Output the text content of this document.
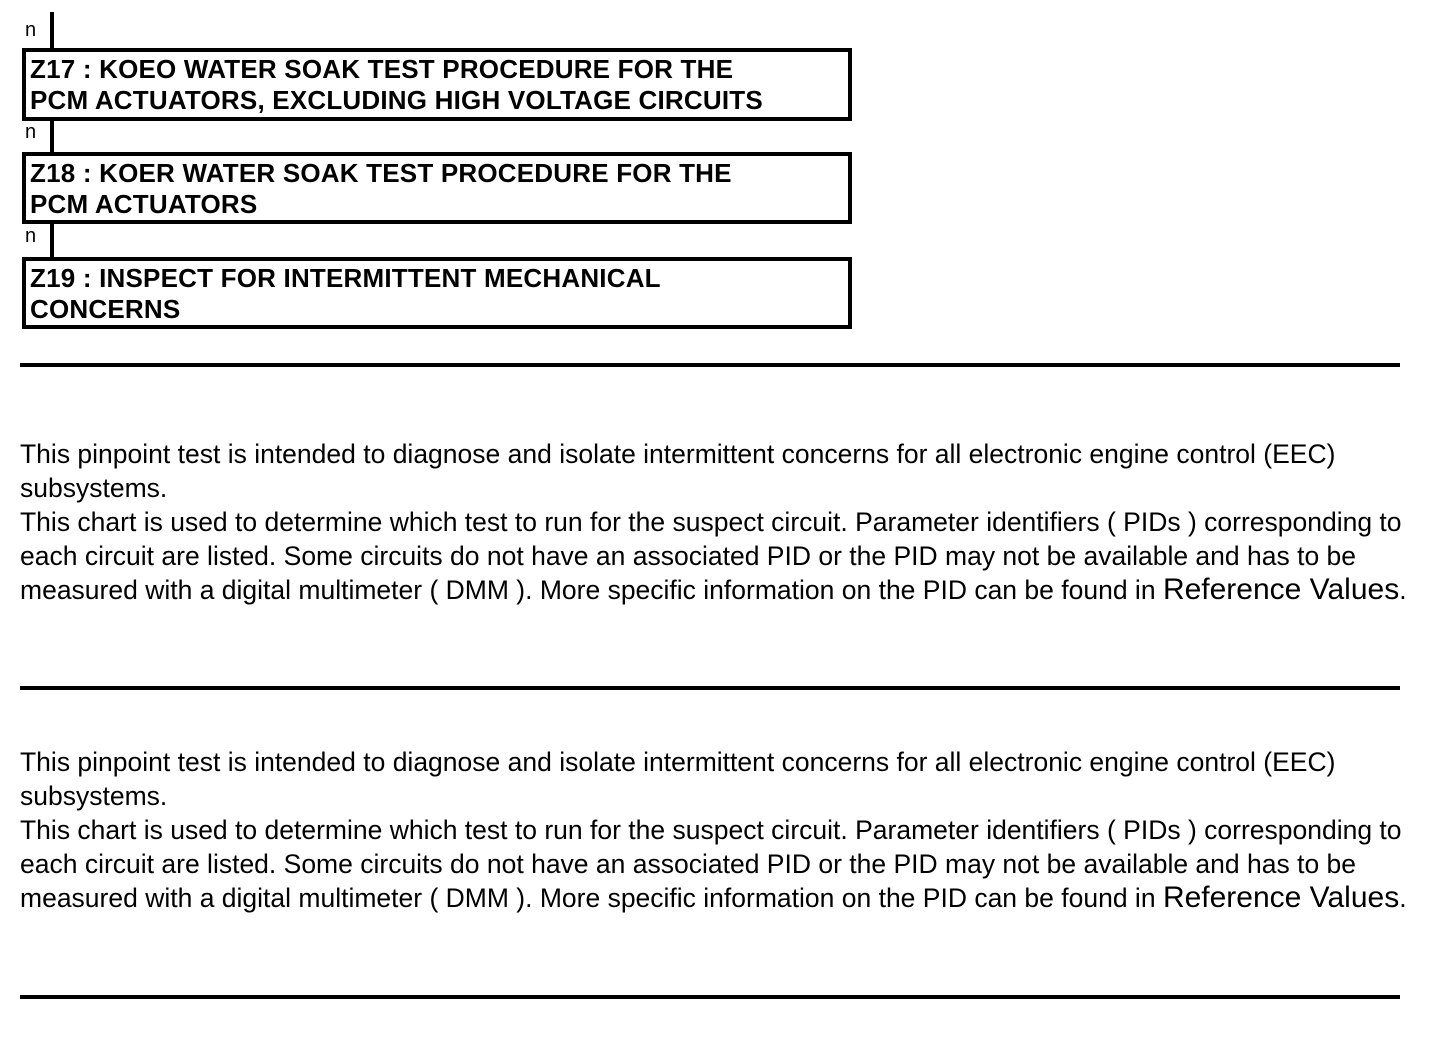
n
Z17 : KOEO WATER SOAK TEST PROCEDURE FOR THE
PCM ACTUATORS, EXCLUDING HIGH VOLTAGE CIRCUITS
n
Z18 : KOER WATER SOAK TEST PROCEDURE FOR THE
PCM ACTUATORS
n
Z19 : INSPECT FOR INTERMITTENT MECHANICAL
CONCERNS

This pinpoint test is intended to diagnose and isolate intermittent concerns for all electronic engine control (EEC) subsystems.

This chart is used to determine which test to run for the suspect circuit. Parameter identifiers ( PIDs ) corresponding to each circuit are listed. Some circuits do not have an associated PID or the PID may not be available and has to be measured with a digital multimeter ( DMM ). More specific information on the PID can be found in Reference Values.

This pinpoint test is intended to diagnose and isolate intermittent concerns for all electronic engine control (EEC) subsystems.

This chart is used to determine which test to run for the suspect circuit. Parameter identifiers ( PIDs ) corresponding to each circuit are listed. Some circuits do not have an associated PID or the PID may not be available and has to be measured with a digital multimeter ( DMM ). More specific information on the PID can be found in Reference Values.
